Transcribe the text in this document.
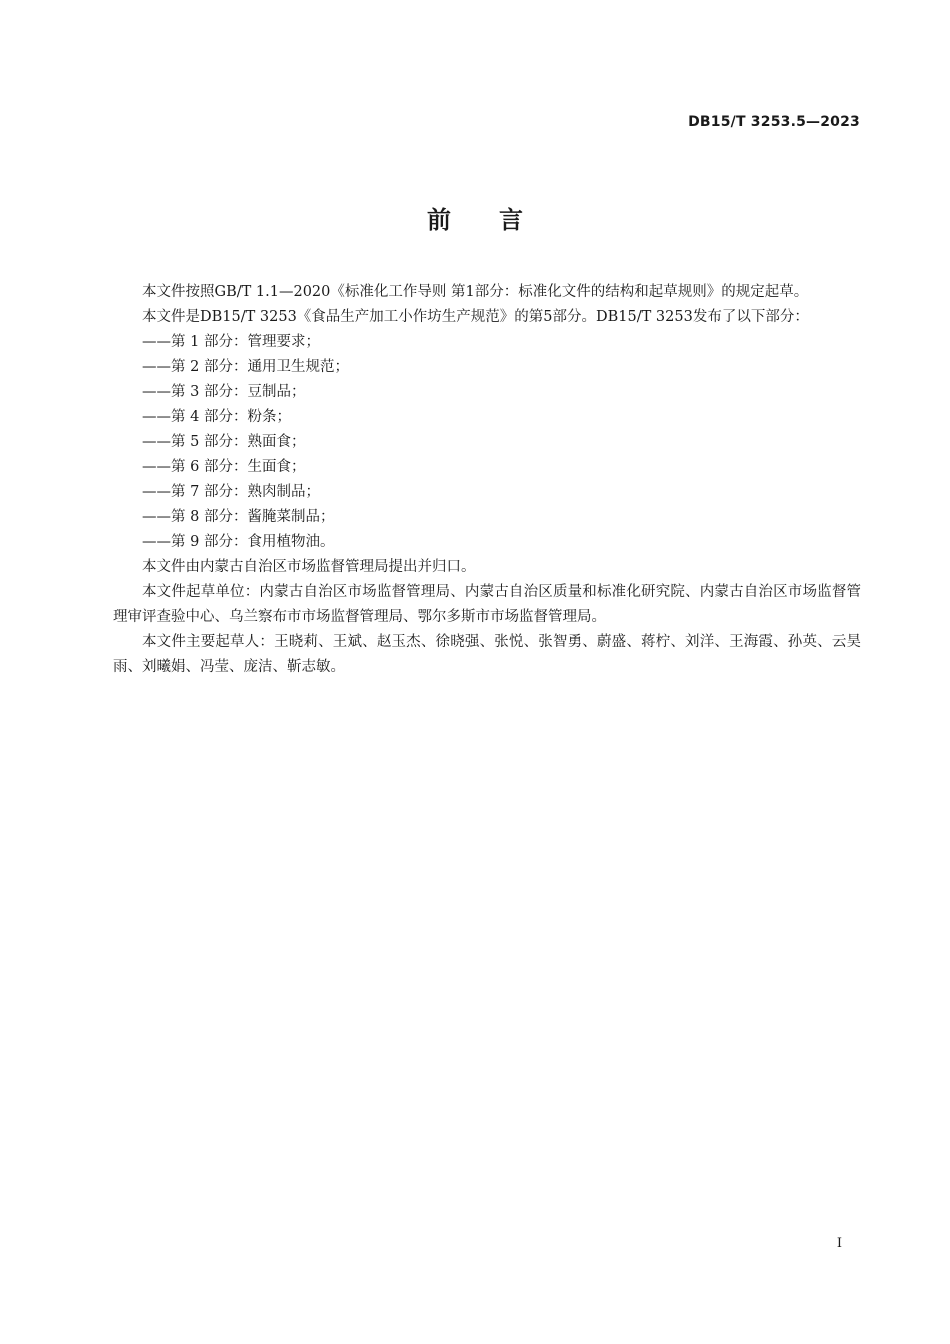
DB15/T 3253.5—2023
前言

本文件按照GB/T 1.1—2020《标准化工作导则 第1部分：标准化文件的结构和起草规则》的规定起草。

本文件是DB15/T 3253《食品生产加工小作坊生产规范》的第5部分。DB15/T 3253发布了以下部分：

——第 1 部分：管理要求；

——第 2 部分：通用卫生规范；

——第 3 部分：豆制品；

——第 4 部分：粉条；

——第 5 部分：熟面食；

——第 6 部分：生面食；

——第 7 部分：熟肉制品；

——第 8 部分：酱腌菜制品；

——第 9 部分：食用植物油。

本文件由内蒙古自治区市场监督管理局提出并归口。

本文件起草单位：内蒙古自治区市场监督管理局、内蒙古自治区质量和标准化研究院、内蒙古自治区市场监督管理审评查验中心、乌兰察布市市场监督管理局、鄂尔多斯市市场监督管理局。

本文件主要起草人：王晓莉、王斌、赵玉杰、徐晓强、张悦、张智勇、蔚盛、蒋柠、刘洋、王海霞、孙英、云昊雨、刘曦娟、冯莹、庞洁、靳志敏。

I
